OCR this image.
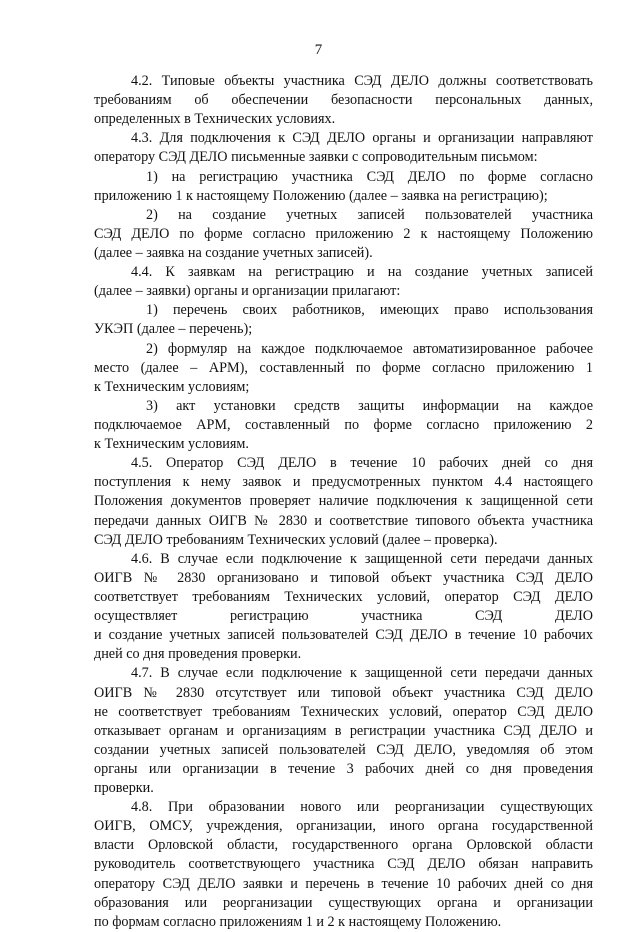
7
4.2. Типовые объекты участника СЭД ДЕЛО должны соответствовать
требованиям об обеспечении безопасности персональных данных,
определенных в Технических условиях.
4.3. Для подключения к СЭД ДЕЛО органы и организации направляют
оператору СЭД ДЕЛО письменные заявки с сопроводительным письмом:
1) на регистрацию участника СЭД ДЕЛО по форме согласно
приложению 1 к настоящему Положению (далее – заявка на регистрацию);
2) на создание учетных записей пользователей участника
СЭД ДЕЛО по форме согласно приложению 2 к настоящему Положению
(далее – заявка на создание учетных записей).
4.4. К заявкам на регистрацию и на создание учетных записей
(далее – заявки) органы и организации прилагают:
1) перечень своих работников, имеющих право использования
УКЭП (далее – перечень);
2) формуляр на каждое подключаемое автоматизированное рабочее
место (далее – АРМ), составленный по форме согласно приложению 1
к Техническим условиям;
3) акт установки средств защиты информации на каждое
подключаемое АРМ, составленный по форме согласно приложению 2
к Техническим условиям.
4.5. Оператор СЭД ДЕЛО в течение 10 рабочих дней со дня
поступления к нему заявок и предусмотренных пунктом 4.4 настоящего
Положения документов проверяет наличие подключения к защищенной сети
передачи данных ОИГВ № 2830 и соответствие типового объекта участника
СЭД ДЕЛО требованиям Технических условий (далее – проверка).
4.6. В случае если подключение к защищенной сети передачи данных
ОИГВ № 2830 организовано и типовой объект участника СЭД ДЕЛО
соответствует требованиям Технических условий, оператор СЭД ДЕЛО
осуществляет регистрацию участника СЭД ДЕЛО
и создание учетных записей пользователей СЭД ДЕЛО в течение 10 рабочих
дней со дня проведения проверки.
4.7. В случае если подключение к защищенной сети передачи данных
ОИГВ № 2830 отсутствует или типовой объект участника СЭД ДЕЛО
не соответствует требованиям Технических условий, оператор СЭД ДЕЛО
отказывает органам и организациям в регистрации участника СЭД ДЕЛО и
создании учетных записей пользователей СЭД ДЕЛО, уведомляя об этом
органы или организации в течение 3 рабочих дней со дня проведения
проверки.
4.8. При образовании нового или реорганизации существующих
ОИГВ, ОМСУ, учреждения, организации, иного органа государственной
власти Орловской области, государственного органа Орловской области
руководитель соответствующего участника СЭД ДЕЛО обязан направить
оператору СЭД ДЕЛО заявки и перечень в течение 10 рабочих дней со дня
образования или реорганизации существующих органа и организации
по формам согласно приложениям 1 и 2 к настоящему Положению.
